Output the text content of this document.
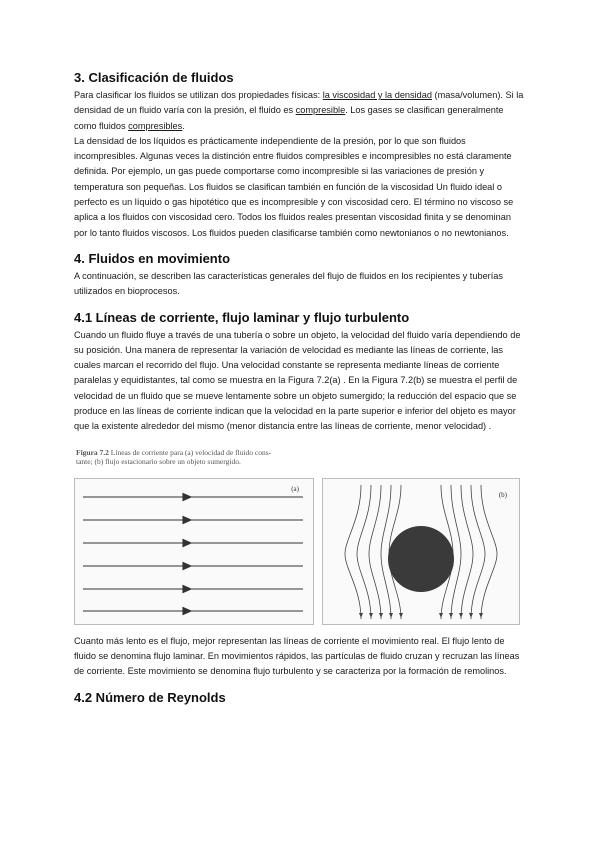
3. Clasificación de fluidos

Para clasificar los fluidos se utilizan dos propiedades físicas: la viscosidad y la densidad (masa/volumen). Si la densidad de un fluido varía con la presión, el fluido es compresible. Los gases se clasifican generalmente como fluidos compresibles.

La densidad de los líquidos es prácticamente independiente de la presión, por lo que son fluidos incompresibles. Algunas veces la distinción entre fluidos compresibles e incompresibles no está claramente definida. Por ejemplo, un gas puede comportarse como incompresible si las variaciones de presión y temperatura son pequeñas. Los fluidos se clasifican también en función de la viscosidad Un fluido ideal o perfecto es un líquido o gas hipotético que es incompresible y con viscosidad cero. El término no viscoso se aplica a los fluidos con viscosidad cero. Todos los fluidos reales presentan viscosidad finita y se denominan por lo tanto fluidos viscosos. Los fluidos pueden clasificarse también como newtonianos o no newtonianos.

4. Fluidos en movimiento

A continuación, se describen las características generales del flujo de fluidos en los recipientes y tuberías utilizados en bioprocesos.

4.1 Líneas de corriente, flujo laminar y flujo turbulento

Cuando un fluido fluye a través de una tubería o sobre un objeto, la velocidad del fluido varía dependiendo de su posición. Una manera de representar la variación de velocidad es mediante las líneas de corriente, las cuales marcan el recorrido del flujo. Una velocidad constante se representa mediante líneas de corriente paralelas y equidistantes, tal como se muestra en la Figura 7.2(a) . En la Figura 7.2(b) se muestra el perfil de velocidad de un fluido que se mueve lentamente sobre un objeto sumergido; la reducción del espacio que se produce en las líneas de corriente indican que la velocidad en la parte superior e inferior del objeto es mayor que la existente alrededor del mismo (menor distancia entre las líneas de corriente, menor velocidad) .

Figura 7.2 Líneas de corriente para (a) velocidad de fluido cons-
tante; (b) flujo estacionario sobre un objeto sumergido.
(a)
(b)

Cuanto más lento es el flujo, mejor representan las líneas de corriente el movimiento real. El flujo lento de fluido se denomina flujo laminar. En movimientos rápidos, las partículas de fluido cruzan y recruzan las líneas de corriente. Este movimiento se denomina flujo turbulento y se caracteriza por la formación de remolinos.

4.2 Número de Reynolds
